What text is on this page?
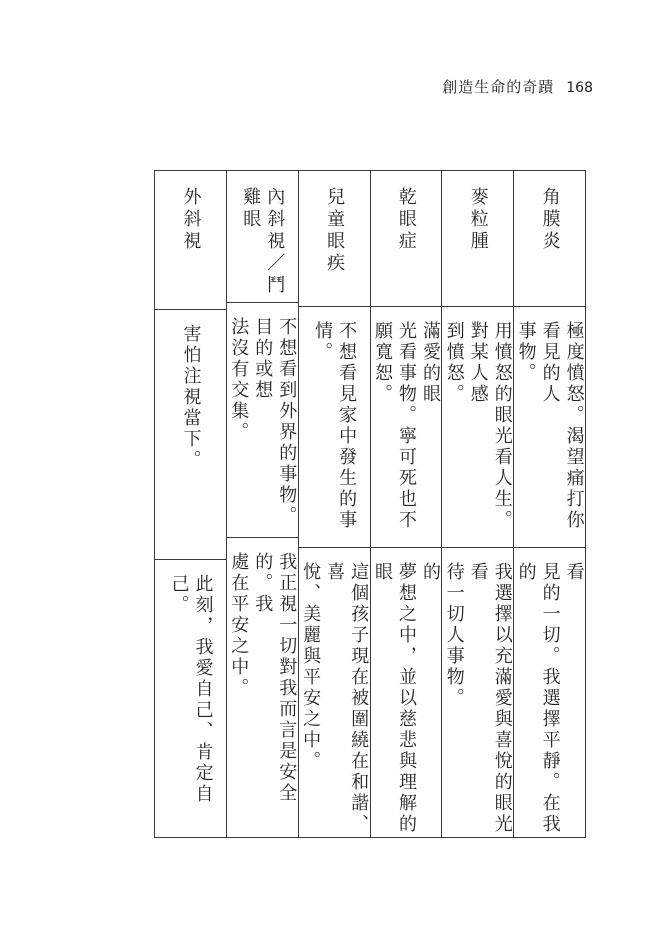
創造生命的奇蹟 168
角膜炎
極度憤怒。渴望痛打你看見的人
事物。
看
見的一切。我選擇平靜。在我的

麥粒腫
用憤怒的眼光看人生。對某人感
到憤怒。
我選擇以充滿愛與喜悅的眼光看
待一切人事物。
乾眼症
滿愛的眼
光看事物。寧可死也不願寬恕。

的
夢想之中，並以慈悲與理解的眼

兒童眼疾
不想看見家中發生的事情。
這個孩子現在被圍繞在和諧、喜
悅、美麗與平安之中。
內斜視／鬥雞眼
不想看到外界的事物。目的或想
法沒有交集。
我正視一切對我而言是安全的。我
處在平安之中。
外斜視
害怕注視當下。
此刻，我愛自己、肯定自己。
